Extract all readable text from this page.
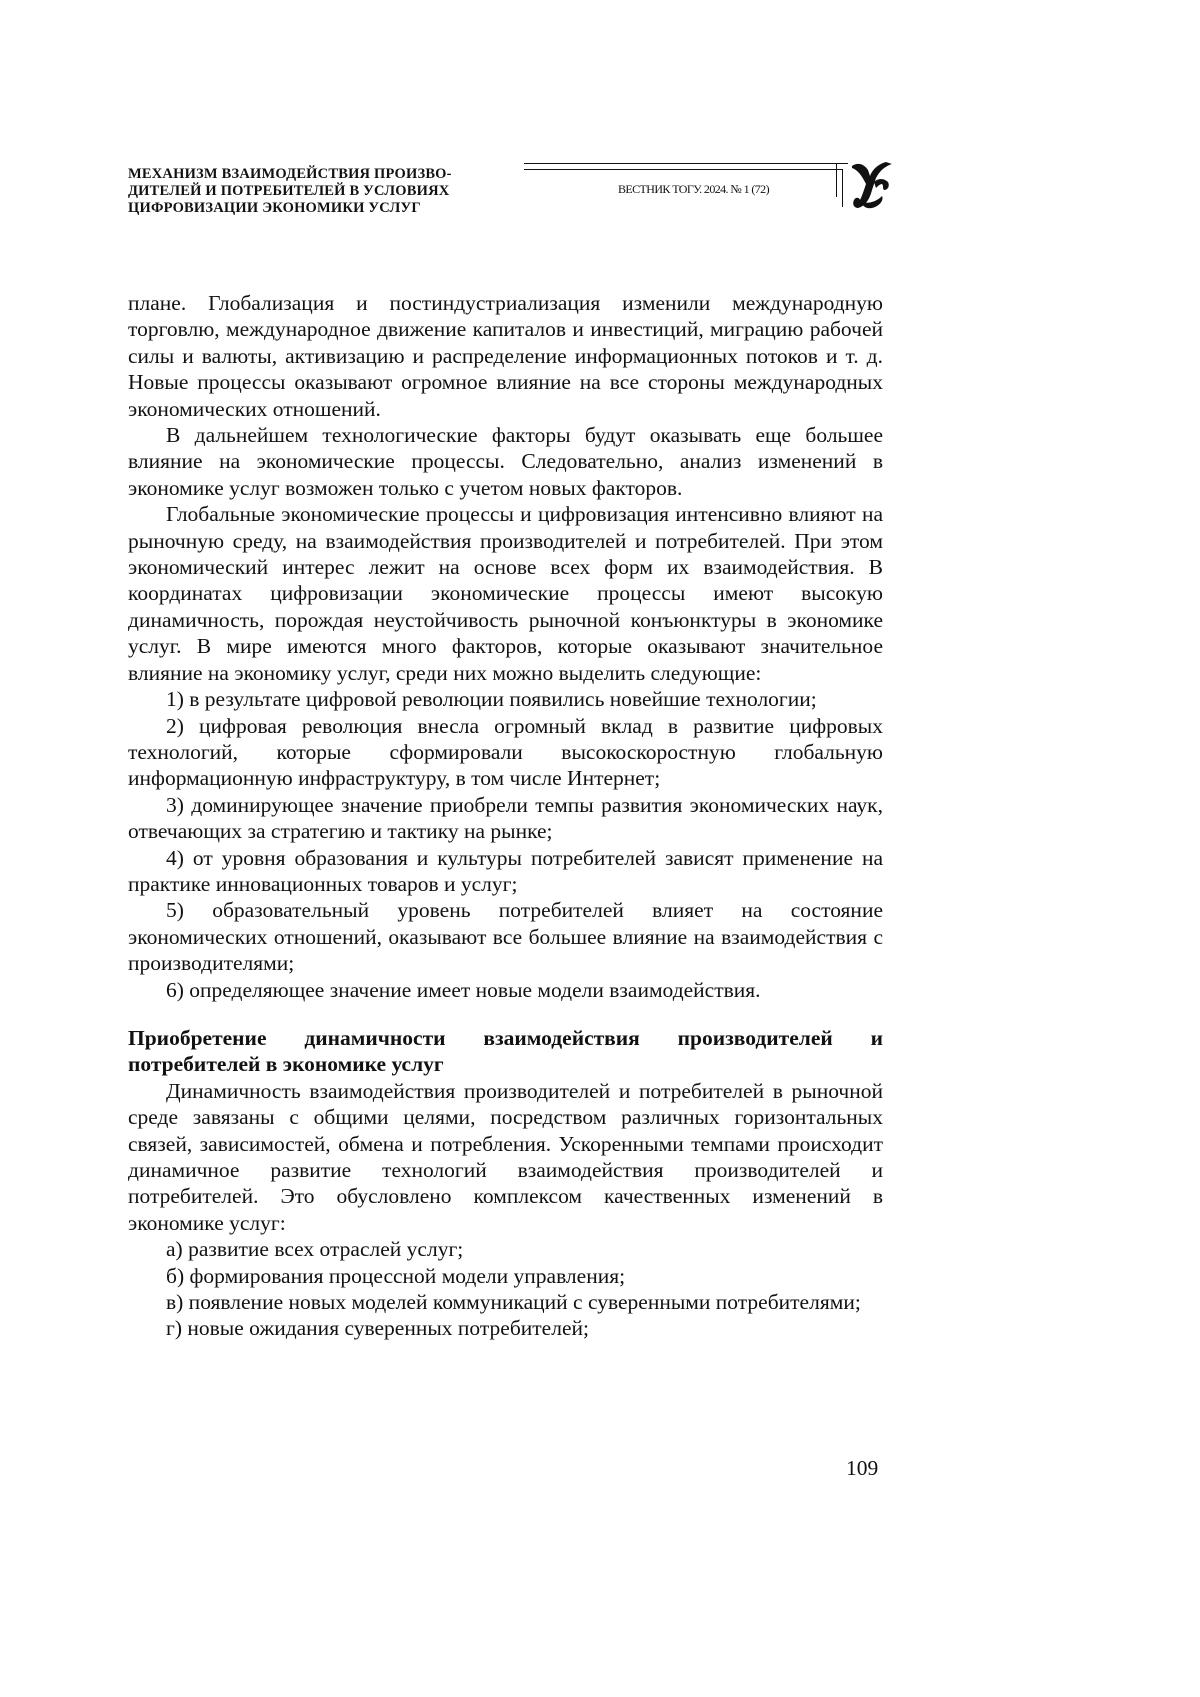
МЕХАНИЗМ ВЗАИМОДЕЙСТВИЯ ПРОИЗВО-
ДИТЕЛЕЙ И ПОТРЕБИТЕЛЕЙ В УСЛОВИЯХ
ЦИФРОВИЗАЦИИ ЭКОНОМИКИ УСЛУГ
ВЕСТНИК ТОГУ. 2024. № 1 (72)

плане. Глобализация и постиндустриализация изменили международную торговлю, международное движение капиталов и инвестиций, миграцию рабочей силы и валюты, активизацию и распределение информационных потоков и т. д. Новые процессы оказывают огромное влияние на все стороны международных экономических отношений.

В дальнейшем технологические факторы будут оказывать еще большее влияние на экономические процессы. Следовательно, анализ изменений в экономике услуг возможен только с учетом новых факторов.

Глобальные экономические процессы и цифровизация интенсивно влияют на рыночную среду, на взаимодействия производителей и потребителей. При этом экономический интерес лежит на основе всех форм их взаимодействия. В координатах цифровизации экономические процессы имеют высокую динамичность, порождая неустойчивость рыночной конъюнктуры в экономике услуг. В мире имеются много факторов, которые оказывают значительное влияние на экономику услуг, среди них можно выделить следующие:

1) в результате цифровой революции появились новейшие технологии;

2) цифровая революция внесла огромный вклад в развитие цифровых технологий, которые сформировали высокоскоростную глобальную информационную инфраструктуру, в том числе Интернет;

3) доминирующее значение приобрели темпы развития экономических наук, отвечающих за стратегию и тактику на рынке;

4) от уровня образования и культуры потребителей зависят применение на практике инновационных товаров и услуг;

5) образовательный уровень потребителей влияет на состояние экономических отношений, оказывают все большее влияние на взаимодействия с производителями;

6) определяющее значение имеет новые модели взаимодействия.

Приобретение динамичности взаимодействия производителей и потребителей в экономике услуг

Динамичность взаимодействия производителей и потребителей в рыночной среде завязаны с общими целями, посредством различных горизонтальных связей, зависимостей, обмена и потребления. Ускоренными темпами происходит динамичное развитие технологий взаимодействия производителей и потребителей. Это обусловлено комплексом качественных изменений в экономике услуг:

а) развитие всех отраслей услуг;

б) формирования процессной модели управления;

в) появление новых моделей коммуникаций с суверенными потребителями;

г) новые ожидания суверенных потребителей;

109
